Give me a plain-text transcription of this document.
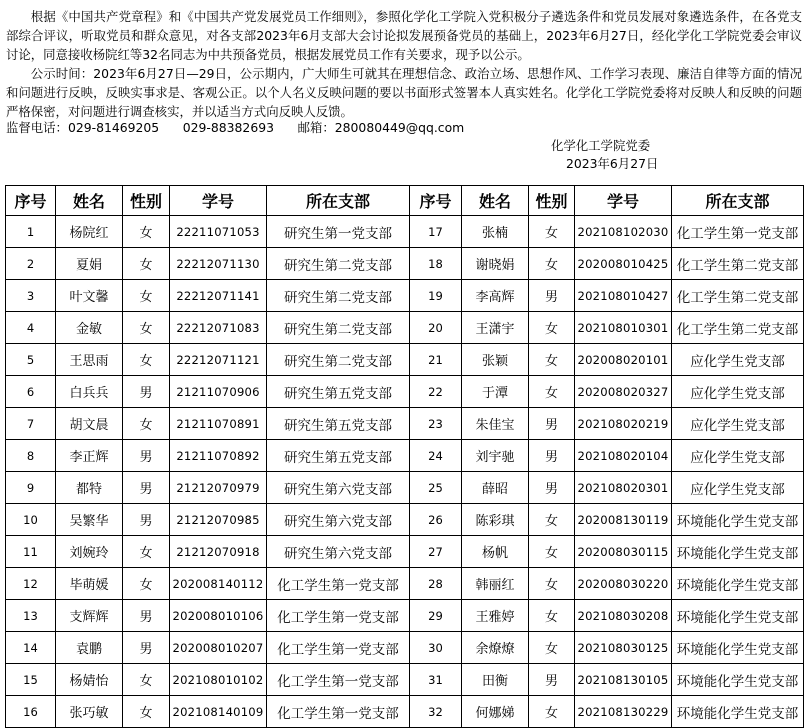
根据《中国共产党章程》和《中国共产党发展党员工作细则》，参照化学化工学院入党积极分子遴选条件和党员发展对象遴选条件，在各党支部综合评议，听取党员和群众意见，对各支部2023年6月支部大会讨论拟发展预备党员的基础上，2023年6月27日，经化学化工学院党委会审议讨论，同意接收杨院红等32名同志为中共预备党员，根据发展党员工作有关要求，现予以公示。

公示时间：2023年6月27日—29日，公示期内，广大师生可就其在理想信念、政治立场、思想作风、工作学习表现、廉洁自律等方面的情况和问题进行反映，反映实事求是、客观公正。以个人名义反映问题的要以书面形式签署本人真实姓名。化学化工学院党委将对反映人和反映的问题严格保密，对问题进行调查核实，并以适当方式向反映人反馈。

监督电话：029-81469205 029-88382693 邮箱：280080449@qq.com
化学化工学院党委
2023年6月27日
序号	姓名	性别	学号	所在支部	序号	姓名	性别	学号	所在支部
1	杨院红	女	22211071053	研究生第一党支部	17	张楠	女	202108102030	化工学生第一党支部
2	夏娟	女	22212071130	研究生第二党支部	18	谢晓娟	女	202008010425	化工学生第二党支部
3	叶文馨	女	22212071141	研究生第二党支部	19	李高辉	男	202108010427	化工学生第二党支部
4	金敏	女	22212071083	研究生第二党支部	20	王潇宇	女	202108010301	化工学生第二党支部
5	王思雨	女	22212071121	研究生第二党支部	21	张颖	女	202008020101	应化学生党支部
6	白兵兵	男	21211070906	研究生第五党支部	22	于潭	女	202008020327	应化学生党支部
7	胡文晨	女	21211070891	研究生第五党支部	23	朱佳宝	男	202108020219	应化学生党支部
8	李正辉	男	21211070892	研究生第五党支部	24	刘宇驰	男	202108020104	应化学生党支部
9	都特	男	21212070979	研究生第六党支部	25	薛昭	男	202108020301	应化学生党支部
10	吴繁华	男	21212070985	研究生第六党支部	26	陈彩琪	女	202008130119	环境能化学生党支部
11	刘婉玲	女	21212070918	研究生第六党支部	27	杨帆	女	202008030115	环境能化学生党支部
12	毕萌媛	女	202008140112	化工学生第一党支部	28	韩丽红	女	202008030220	环境能化学生党支部
13	支辉辉	男	202008010106	化工学生第一党支部	29	王雅婷	女	202108030208	环境能化学生党支部
14	袁鹏	男	202008010207	化工学生第一党支部	30	余燎燎	女	202108030125	环境能化学生党支部
15	杨婧怡	女	202108010102	化工学生第一党支部	31	田衡	男	202108130105	环境能化学生党支部
16	张巧敏	女	202108140109	化工学生第一党支部	32	何娜娣	女	202108130229	环境能化学生党支部
